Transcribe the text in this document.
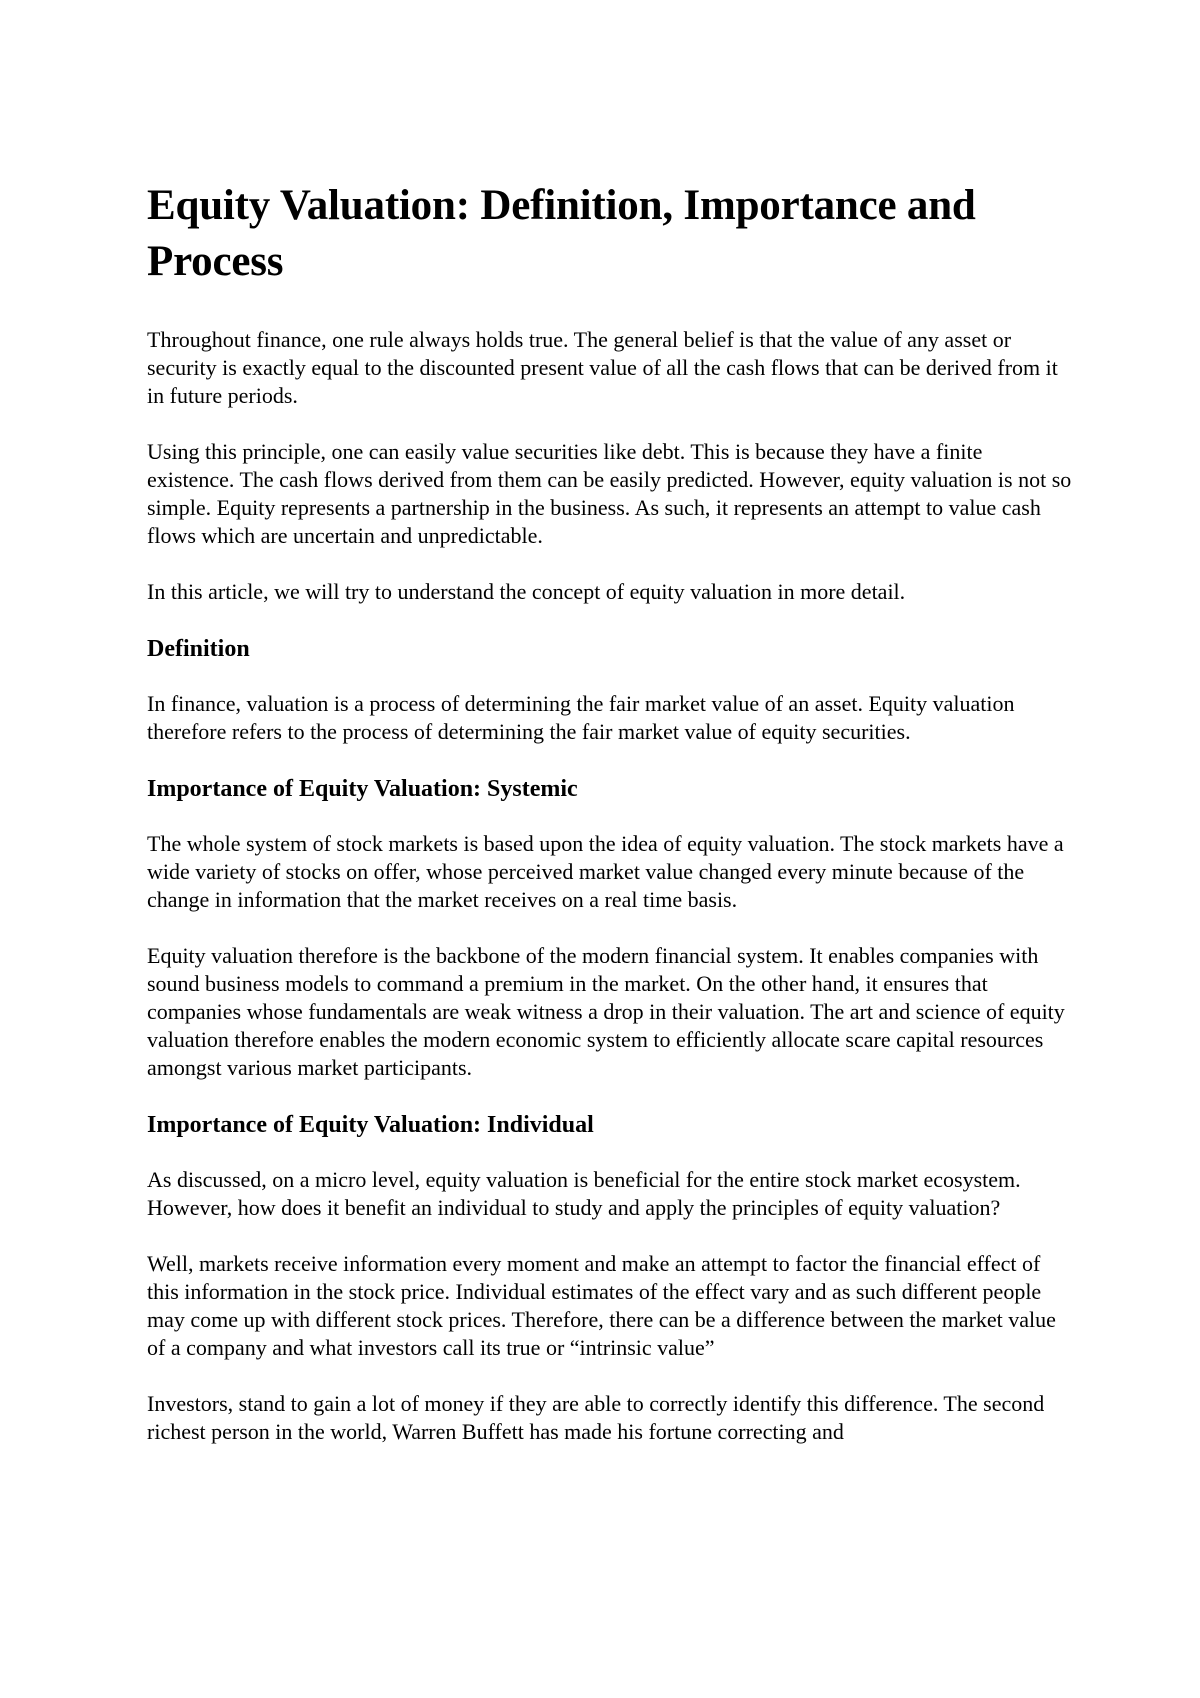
Equity Valuation: Definition, Importance and Process

Throughout finance, one rule always holds true. The general belief is that the value of any asset or security is exactly equal to the discounted present value of all the cash flows that can be derived from it in future periods.

Using this principle, one can easily value securities like debt. This is because they have a finite existence. The cash flows derived from them can be easily predicted. However, equity valuation is not so simple. Equity represents a partnership in the business. As such, it represents an attempt to value cash flows which are uncertain and unpredictable.

In this article, we will try to understand the concept of equity valuation in more detail.

Definition

In finance, valuation is a process of determining the fair market value of an asset. Equity valuation therefore refers to the process of determining the fair market value of equity securities.

Importance of Equity Valuation: Systemic

The whole system of stock markets is based upon the idea of equity valuation. The stock markets have a wide variety of stocks on offer, whose perceived market value changed every minute because of the change in information that the market receives on a real time basis.

Equity valuation therefore is the backbone of the modern financial system. It enables companies with sound business models to command a premium in the market. On the other hand, it ensures that companies whose fundamentals are weak witness a drop in their valuation. The art and science of equity valuation therefore enables the modern economic system to efficiently allocate scare capital resources amongst various market participants.

Importance of Equity Valuation: Individual

As discussed, on a micro level, equity valuation is beneficial for the entire stock market ecosystem. However, how does it benefit an individual to study and apply the principles of equity valuation?

Well, markets receive information every moment and make an attempt to factor the financial effect of this information in the stock price. Individual estimates of the effect vary and as such different people may come up with different stock prices. Therefore, there can be a difference between the market value of a company and what investors call its true or “intrinsic value”

Investors, stand to gain a lot of money if they are able to correctly identify this difference. The second richest person in the world, Warren Buffett has made his fortune correcting and
